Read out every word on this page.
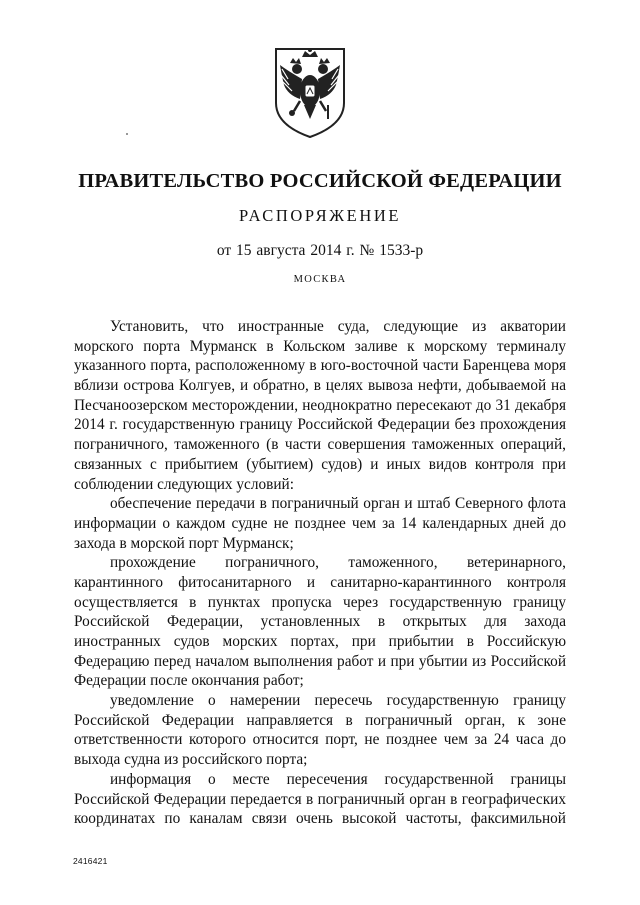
ПРАВИТЕЛЬСТВО РОССИЙСКОЙ ФЕДЕРАЦИИ
РАСПОРЯЖЕНИЕ
от 15 августа 2014 г. № 1533-р
МОСКВА
Установить, что иностранные суда, следующие из акватории
морского порта Мурманск в Кольском заливе к морскому терминалу
указанного порта, расположенному в юго-восточной части Баренцева моря
вблизи острова Колгуев, и обратно, в целях вывоза нефти, добываемой на
Песчаноозерском месторождении, неоднократно пересекают до 31 декабря
2014 г. государственную границу Российской Федерации без прохождения
пограничного, таможенного (в части совершения таможенных операций,
связанных с прибытием (убытием) судов) и иных видов контроля при
соблюдении следующих условий:
обеспечение передачи в пограничный орган и штаб Северного флота
информации о каждом судне не позднее чем за 14 календарных дней до
захода в морской порт Мурманск;
прохождение пограничного, таможенного, ветеринарного,
карантинного фитосанитарного и санитарно-карантинного контроля
осуществляется в пунктах пропуска через государственную границу
Российской Федерации, установленных в открытых для захода
иностранных судов морских портах, при прибытии в Российскую
Федерацию перед началом выполнения работ и при убытии из Российской
Федерации после окончания работ;
уведомление о намерении пересечь государственную границу
Российской Федерации направляется в пограничный орган, к зоне
ответственности которого относится порт, не позднее чем за 24 часа до
выхода судна из российского порта;
информация о месте пересечения государственной границы
Российской Федерации передается в пограничный орган в географических
координатах по каналам связи очень высокой частоты, факсимильной
2416421
